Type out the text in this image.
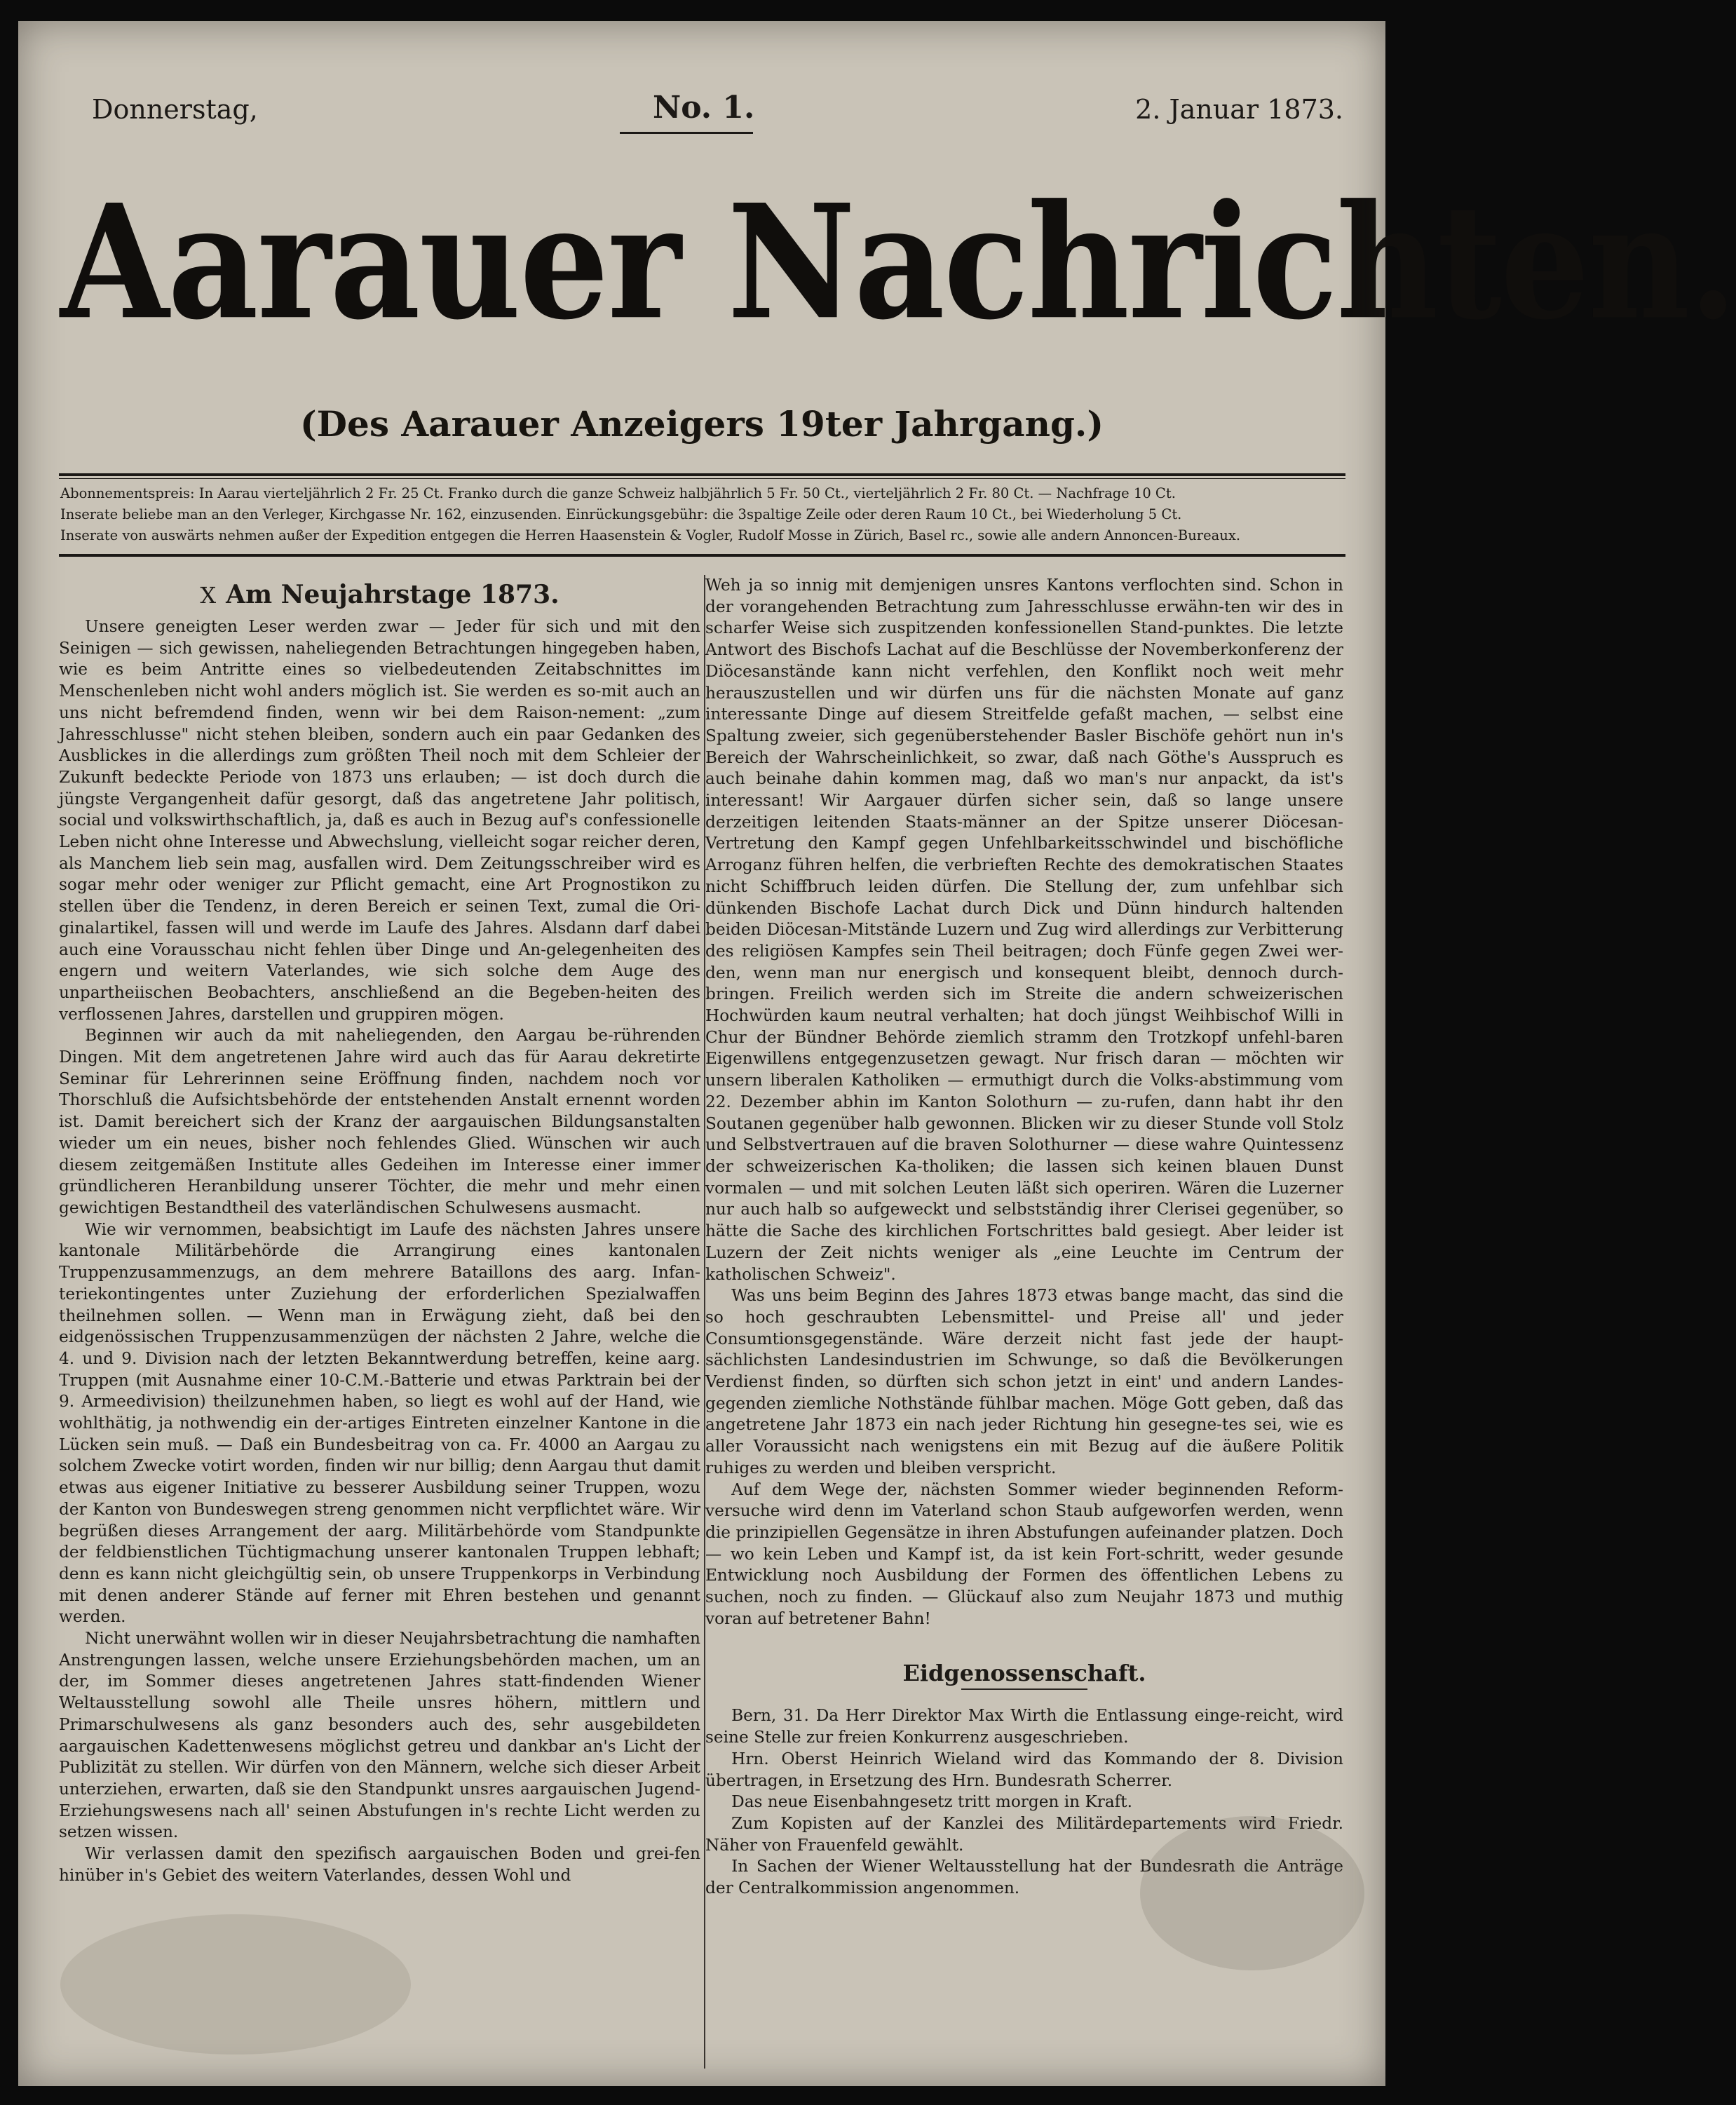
Donnerstag,	No. 1.	2. Januar 1873.
Aarauer Nachrichten.
(Des Aarauer Anzeigers 19ter Jahrgang.)
Abonnementspreis: In Aarau vierteljährlich 2 Fr. 25 Ct. Franko durch die ganze Schweiz halbjährlich 5 Fr. 50 Ct., vierteljährlich 2 Fr. 80 Ct. — Nachfrage 10 Ct.
Inserate beliebe man an den Verleger, Kirchgasse Nr. 162, einzusenden. Einrückungsgebühr: die 3spaltige Zeile oder deren Raum 10 Ct., bei Wiederholung 5 Ct.
Inserate von auswärts nehmen außer der Expedition entgegen die Herren Haasenstein & Vogler, Rudolf Mosse in Zürich, Basel rc., sowie alle andern Annoncen-Bureaux.
X Am Neujahrstage 1873.

Unsere geneigten Leser werden zwar — Jeder für sich und mit den Seinigen — sich gewissen, naheliegenden Betrachtungen hingegeben haben, wie es beim Antritte eines so vielbedeutenden Zeitabschnittes im Menschenleben nicht wohl anders möglich ist. Sie werden es so-mit auch an uns nicht befremdend finden, wenn wir bei dem Raison-nement: „zum Jahresschlusse" nicht stehen bleiben, sondern auch ein paar Gedanken des Ausblickes in die allerdings zum größten Theil noch mit dem Schleier der Zukunft bedeckte Periode von 1873 uns erlauben; — ist doch durch die jüngste Vergangenheit dafür gesorgt, daß das angetretene Jahr politisch, social und volkswirthschaftlich, ja, daß es auch in Bezug auf's confessionelle Leben nicht ohne Interesse und Abwechslung, vielleicht sogar reicher deren, als Manchem lieb sein mag, ausfallen wird. Dem Zeitungsschreiber wird es sogar mehr oder weniger zur Pflicht gemacht, eine Art Prognostikon zu stellen über die Tendenz, in deren Bereich er seinen Text, zumal die Ori-ginalartikel, fassen will und werde im Laufe des Jahres. Alsdann darf dabei auch eine Vorausschau nicht fehlen über Dinge und An-gelegenheiten des engern und weitern Vaterlandes, wie sich solche dem Auge des unpartheiischen Beobachters, anschließend an die Begeben-heiten des verflossenen Jahres, darstellen und gruppiren mögen.

Beginnen wir auch da mit naheliegenden, den Aargau be-rührenden Dingen. Mit dem angetretenen Jahre wird auch das für Aarau dekretirte Seminar für Lehrerinnen seine Eröffnung finden, nachdem noch vor Thorschluß die Aufsichtsbehörde der entstehenden Anstalt ernennt worden ist. Damit bereichert sich der Kranz der aargauischen Bildungsanstalten wieder um ein neues, bisher noch fehlendes Glied. Wünschen wir auch diesem zeitgemäßen Institute alles Gedeihen im Interesse einer immer gründlicheren Heranbildung unserer Töchter, die mehr und mehr einen gewichtigen Bestandtheil des vaterländischen Schulwesens ausmacht.

Wie wir vernommen, beabsichtigt im Laufe des nächsten Jahres unsere kantonale Militärbehörde die Arrangirung eines kantonalen Truppenzusammenzugs, an dem mehrere Bataillons des aarg. Infan-teriekontingentes unter Zuziehung der erforderlichen Spezialwaffen theilnehmen sollen. — Wenn man in Erwägung zieht, daß bei den eidgenössischen Truppenzusammenzügen der nächsten 2 Jahre, welche die 4. und 9. Division nach der letzten Bekanntwerdung betreffen, keine aarg. Truppen (mit Ausnahme einer 10-C.M.-Batterie und etwas Parktrain bei der 9. Armeedivision) theilzunehmen haben, so liegt es wohl auf der Hand, wie wohlthätig, ja nothwendig ein der-artiges Eintreten einzelner Kantone in die Lücken sein muß. — Daß ein Bundesbeitrag von ca. Fr. 4000 an Aargau zu solchem Zwecke votirt worden, finden wir nur billig; denn Aargau thut damit etwas aus eigener Initiative zu besserer Ausbildung seiner Truppen, wozu der Kanton von Bundeswegen streng genommen nicht verpflichtet wäre. Wir begrüßen dieses Arrangement der aarg. Militärbehörde vom Standpunkte der feldbienstlichen Tüchtigmachung unserer kantonalen Truppen lebhaft; denn es kann nicht gleichgültig sein, ob unsere Truppenkorps in Verbindung mit denen anderer Stände auf ferner mit Ehren bestehen und genannt werden.

Nicht unerwähnt wollen wir in dieser Neujahrsbetrachtung die namhaften Anstrengungen lassen, welche unsere Erziehungsbehörden machen, um an der, im Sommer dieses angetretenen Jahres statt-findenden Wiener Weltausstellung sowohl alle Theile unsres höhern, mittlern und Primarschulwesens als ganz besonders auch des, sehr ausgebildeten aargauischen Kadettenwesens möglichst getreu und dankbar an's Licht der Publizität zu stellen. Wir dürfen von den Männern, welche sich dieser Arbeit unterziehen, erwarten, daß sie den Standpunkt unsres aargauischen Jugend-Erziehungswesens nach all' seinen Abstufungen in's rechte Licht werden zu setzen wissen.

Wir verlassen damit den spezifisch aargauischen Boden und grei-fen hinüber in's Gebiet des weitern Vaterlandes, dessen Wohl und

Weh ja so innig mit demjenigen unsres Kantons verflochten sind. Schon in der vorangehenden Betrachtung zum Jahresschlusse erwähn-ten wir des in scharfer Weise sich zuspitzenden konfessionellen Stand-punktes. Die letzte Antwort des Bischofs Lachat auf die Beschlüsse der Novemberkonferenz der Diöcesanstände kann nicht verfehlen, den Konflikt noch weit mehr herauszustellen und wir dürfen uns für die nächsten Monate auf ganz interessante Dinge auf diesem Streitfelde gefaßt machen, — selbst eine Spaltung zweier, sich gegenüberstehender Basler Bischöfe gehört nun in's Bereich der Wahrscheinlichkeit, so zwar, daß nach Göthe's Ausspruch es auch beinahe dahin kommen mag, daß wo man's nur anpackt, da ist's interessant! Wir Aargauer dürfen sicher sein, daß so lange unsere derzeitigen leitenden Staats-männer an der Spitze unserer Diöcesan-Vertretung den Kampf gegen Unfehlbarkeitsschwindel und bischöfliche Arroganz führen helfen, die verbrieften Rechte des demokratischen Staates nicht Schiffbruch leiden dürfen. Die Stellung der, zum unfehlbar sich dünkenden Bischofe Lachat durch Dick und Dünn hindurch haltenden beiden Diöcesan-Mitstände Luzern und Zug wird allerdings zur Verbitterung des religiösen Kampfes sein Theil beitragen; doch Fünfe gegen Zwei wer-den, wenn man nur energisch und konsequent bleibt, dennoch durch-bringen. Freilich werden sich im Streite die andern schweizerischen Hochwürden kaum neutral verhalten; hat doch jüngst Weihbischof Willi in Chur der Bündner Behörde ziemlich stramm den Trotzkopf unfehl-baren Eigenwillens entgegenzusetzen gewagt. Nur frisch daran — möchten wir unsern liberalen Katholiken — ermuthigt durch die Volks-abstimmung vom 22. Dezember abhin im Kanton Solothurn — zu-rufen, dann habt ihr den Soutanen gegenüber halb gewonnen. Blicken wir zu dieser Stunde voll Stolz und Selbstvertrauen auf die braven Solothurner — diese wahre Quintessenz der schweizerischen Ka-tholiken; die lassen sich keinen blauen Dunst vormalen — und mit solchen Leuten läßt sich operiren. Wären die Luzerner nur auch halb so aufgeweckt und selbstständig ihrer Clerisei gegenüber, so hätte die Sache des kirchlichen Fortschrittes bald gesiegt. Aber leider ist Luzern der Zeit nichts weniger als „eine Leuchte im Centrum der katholischen Schweiz".

Was uns beim Beginn des Jahres 1873 etwas bange macht, das sind die so hoch geschraubten Lebensmittel- und Preise all' und jeder Consumtionsgegenstände. Wäre derzeit nicht fast jede der haupt-sächlichsten Landesindustrien im Schwunge, so daß die Bevölkerungen Verdienst finden, so dürften sich schon jetzt in eint' und andern Landes-gegenden ziemliche Nothstände fühlbar machen. Möge Gott geben, daß das angetretene Jahr 1873 ein nach jeder Richtung hin gesegne-tes sei, wie es aller Voraussicht nach wenigstens ein mit Bezug auf die äußere Politik ruhiges zu werden und bleiben verspricht.

Auf dem Wege der, nächsten Sommer wieder beginnenden Reform-versuche wird denn im Vaterland schon Staub aufgeworfen werden, wenn die prinzipiellen Gegensätze in ihren Abstufungen aufeinander platzen. Doch — wo kein Leben und Kampf ist, da ist kein Fort-schritt, weder gesunde Entwicklung noch Ausbildung der Formen des öffentlichen Lebens zu suchen, noch zu finden. — Glückauf also zum Neujahr 1873 und muthig voran auf betretener Bahn!

Eidgenossenschaft.

Bern, 31. Da Herr Direktor Max Wirth die Entlassung einge-reicht, wird seine Stelle zur freien Konkurrenz ausgeschrieben.

Hrn. Oberst Heinrich Wieland wird das Kommando der 8. Division übertragen, in Ersetzung des Hrn. Bundesrath Scherrer.

Das neue Eisenbahngesetz tritt morgen in Kraft.

Zum Kopisten auf der Kanzlei des Militärdepartements wird Friedr. Näher von Frauenfeld gewählt.

In Sachen der Wiener Weltausstellung hat der Bundesrath die Anträge der Centralkommission angenommen.
